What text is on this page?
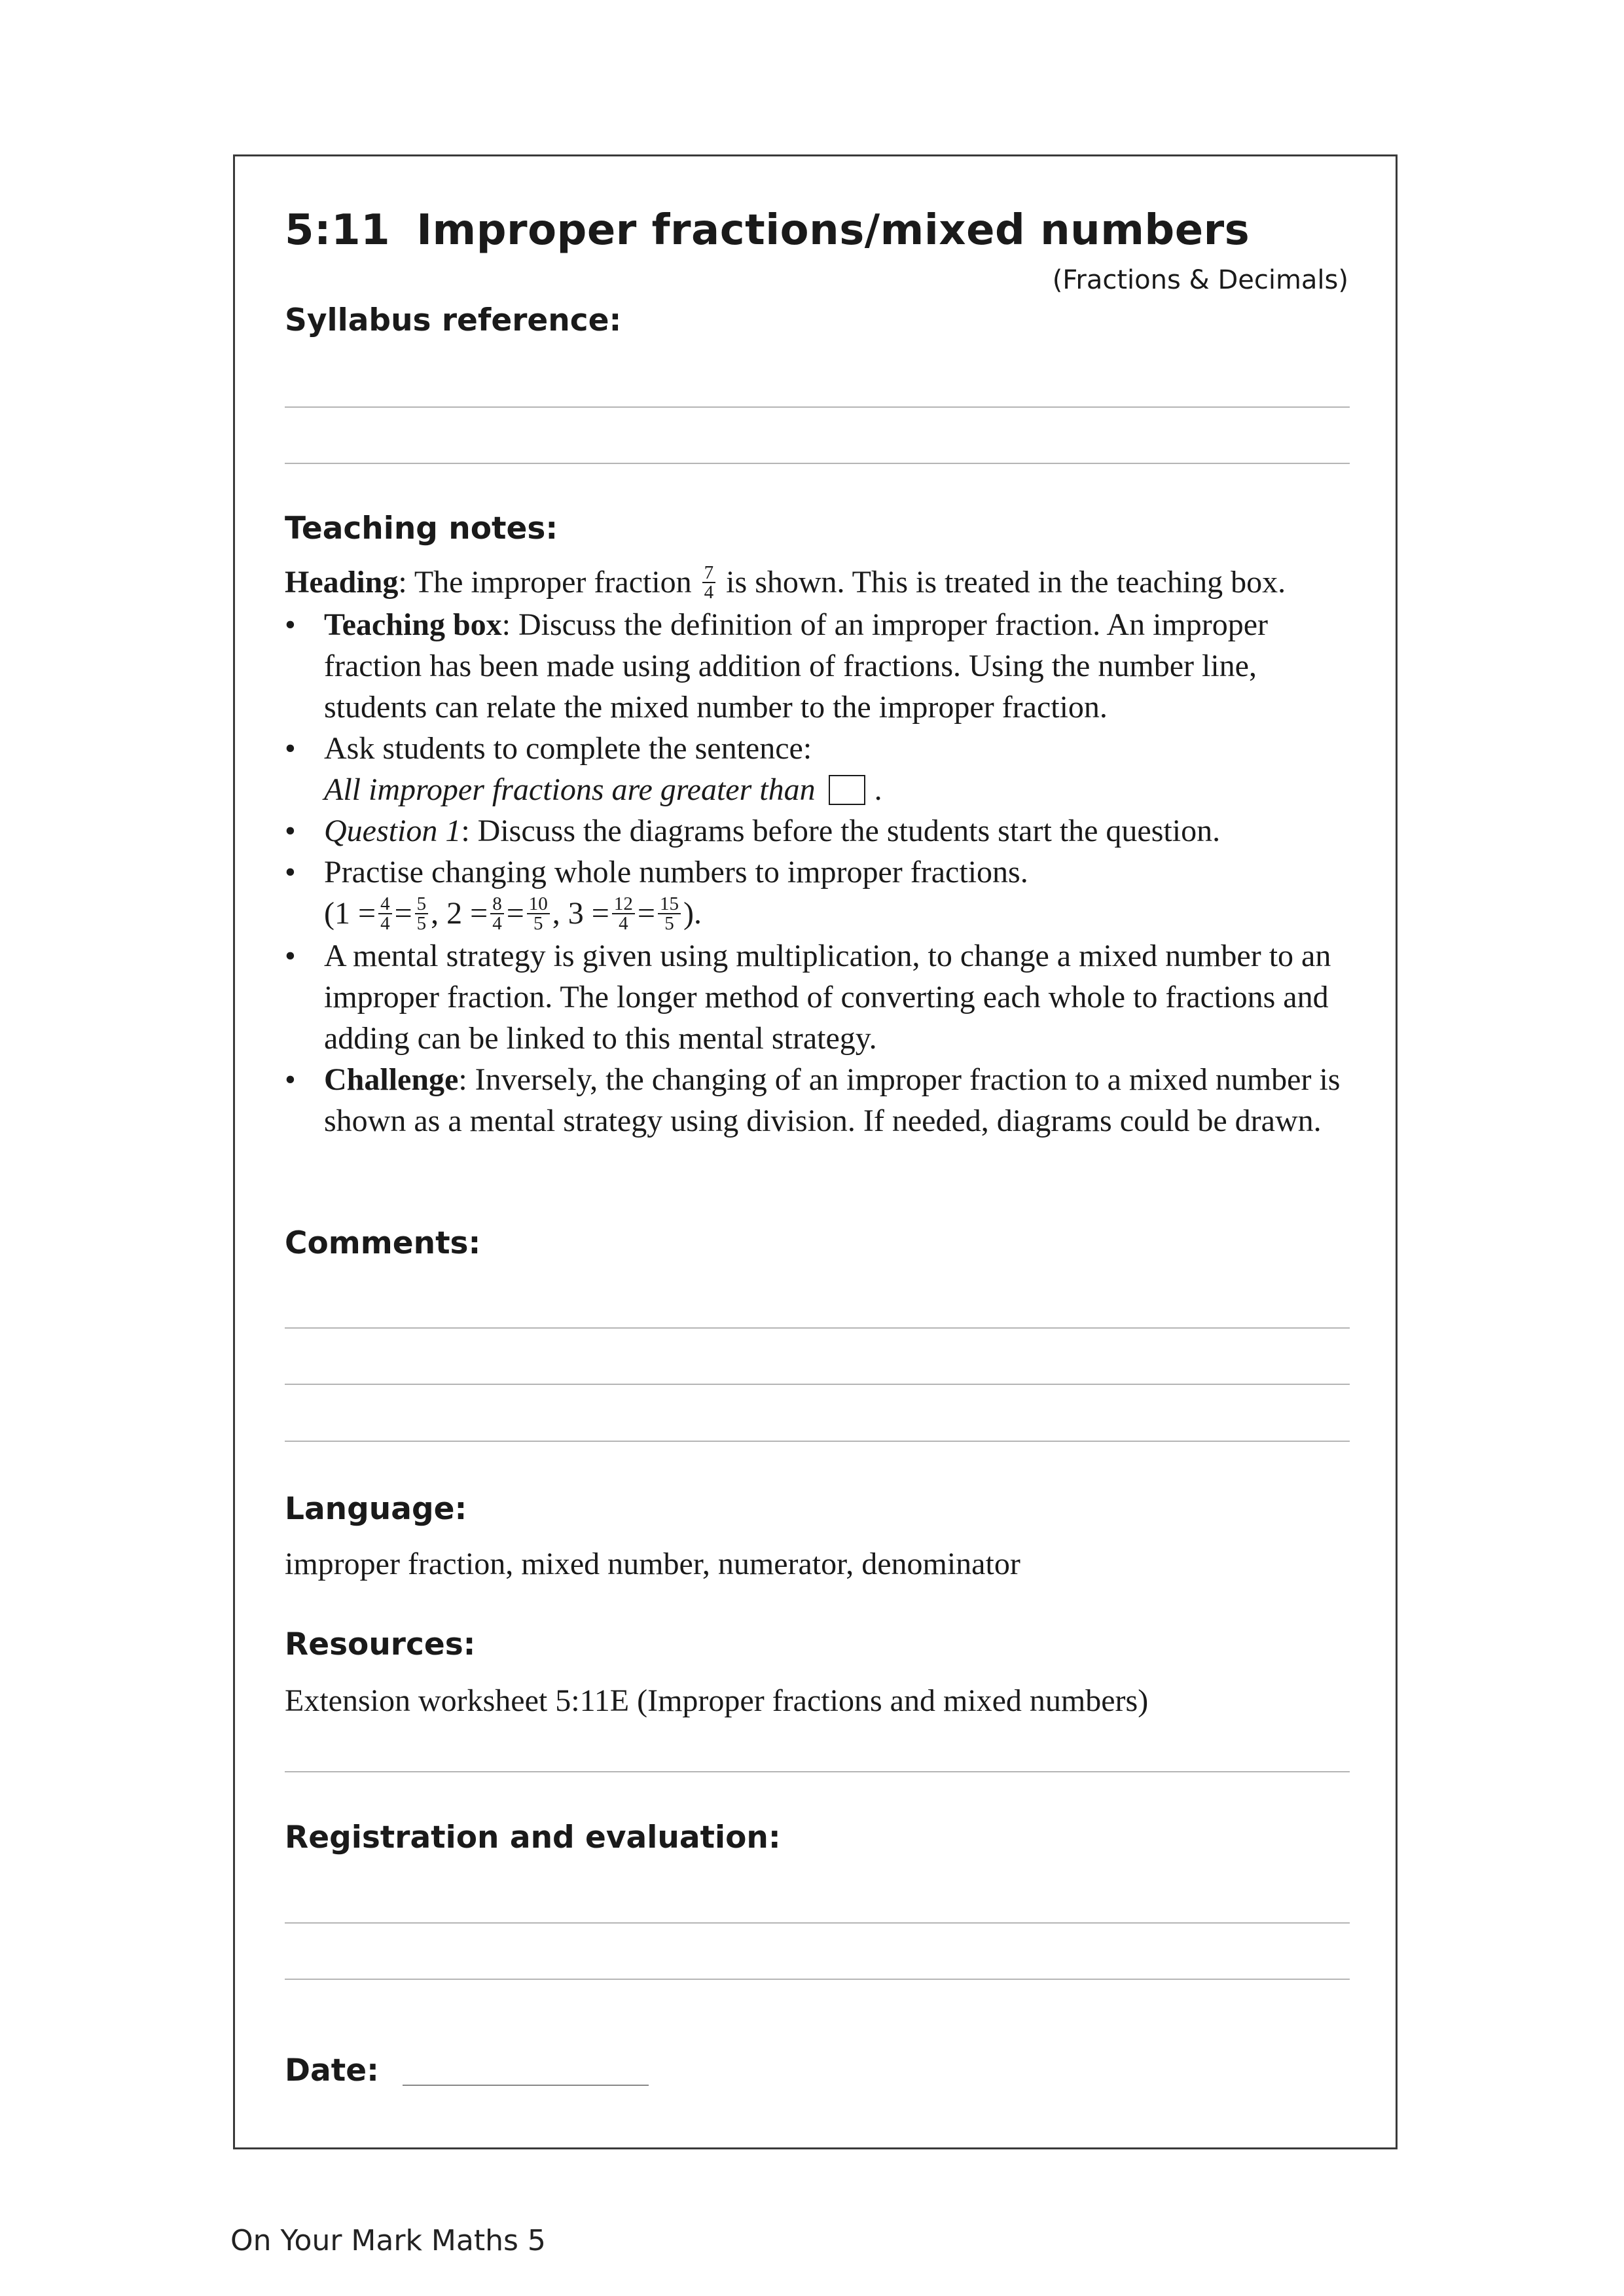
5:11 Improper fractions/mixed numbers
(Fractions & Decimals)
Syllabus reference:
Teaching notes:

Heading: The improper fraction $\frac{7}{4}$ is shown. This is treated in the teaching box.

• Teaching box: Discuss the definition of an improper fraction. An improper fraction has been made using addition of fractions. Using the number line, students can relate the mixed number to the improper fraction.
• Ask students to complete the sentence:
All improper fractions are greater than .
• Question 1: Discuss the diagrams before the students start the question.
• Practise changing whole numbers to improper fractions.
($1 = \frac{4}{4} = \frac{5}{5}$ , $2 = \frac{8}{4} = \frac{10}{5}$ , $3 = \frac{12}{4} = \frac{15}{5}$ ).
• A mental strategy is given using multiplication, to change a mixed number to an improper fraction. The longer method of converting each whole to fractions and adding can be linked to this mental strategy.
• Challenge: Inversely, the changing of an improper fraction to a mixed number is shown as a mental strategy using division. If needed, diagrams could be drawn.
Comments:
Language:
improper fraction, mixed number, numerator, denominator
Resources:
Extension worksheet 5:11E (Improper fractions and mixed numbers)
Registration and evaluation:
Date:
On Your Mark Maths 5
